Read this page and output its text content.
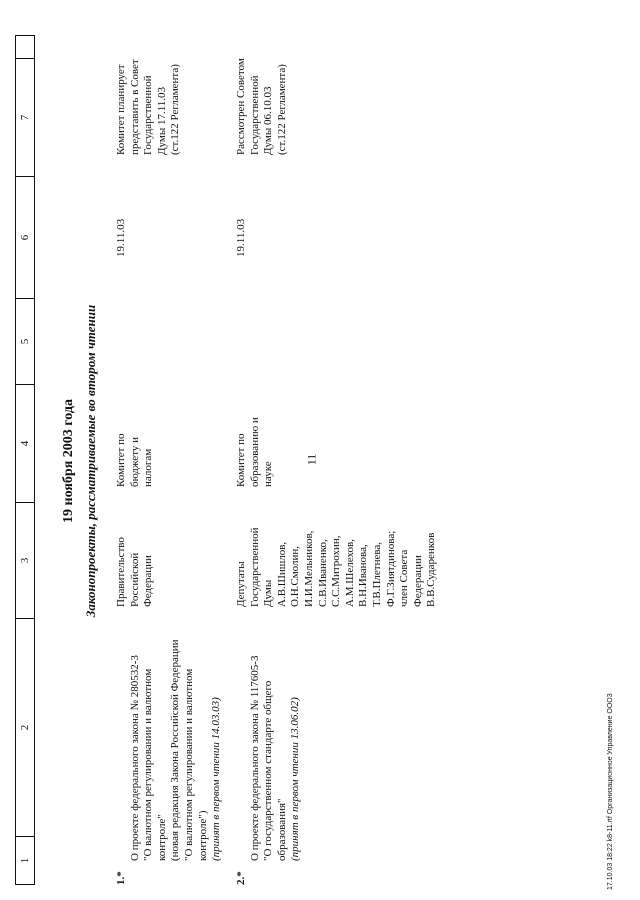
11
1
2
3
4
5
6
7
19 ноября 2003 года Законопроекты, рассматриваемые во втором чтении
1.*

О проекте федерального закона № 280532-3
"О валютном регулировании и валютном
контроле"
(новая редакция Закона Российской Федерации
"О валютном регулировании и валютном
контроле") (принят в первом чтении 14.03.03)

Правительство
Российской
Федерации
Комитет по
бюджету и
налогам
19.11.03
Комитет планирует
представить в Совет
Государственной
Думы 17.11.03
(ст.122 Регламента)
2.*

О проекте федерального закона № 117605-3
"О государственном стандарте общего
образования" (принят в первом чтении 13.06.02)

Депутаты
Государственной
Думы
А.В.Шишлов,
О.Н.Смолин,
И.И.Мельников,
С.В.Иваненко,
С.С.Митрохин,
А.М.Шелехов,
В.Н.Иванова,
Т.В.Плетнева,
Ф.Г.Зиятдинова;
член Совета
Федерации
В.В.Судаpенков
Комитет по
образованию и
науке
19.11.03
Рассмотрен Советом
Государственной
Думы 06.10.03
(ст.122 Регламента)
17.10.03 18:22 k8-11.rtf Организационное Управление ООО3
